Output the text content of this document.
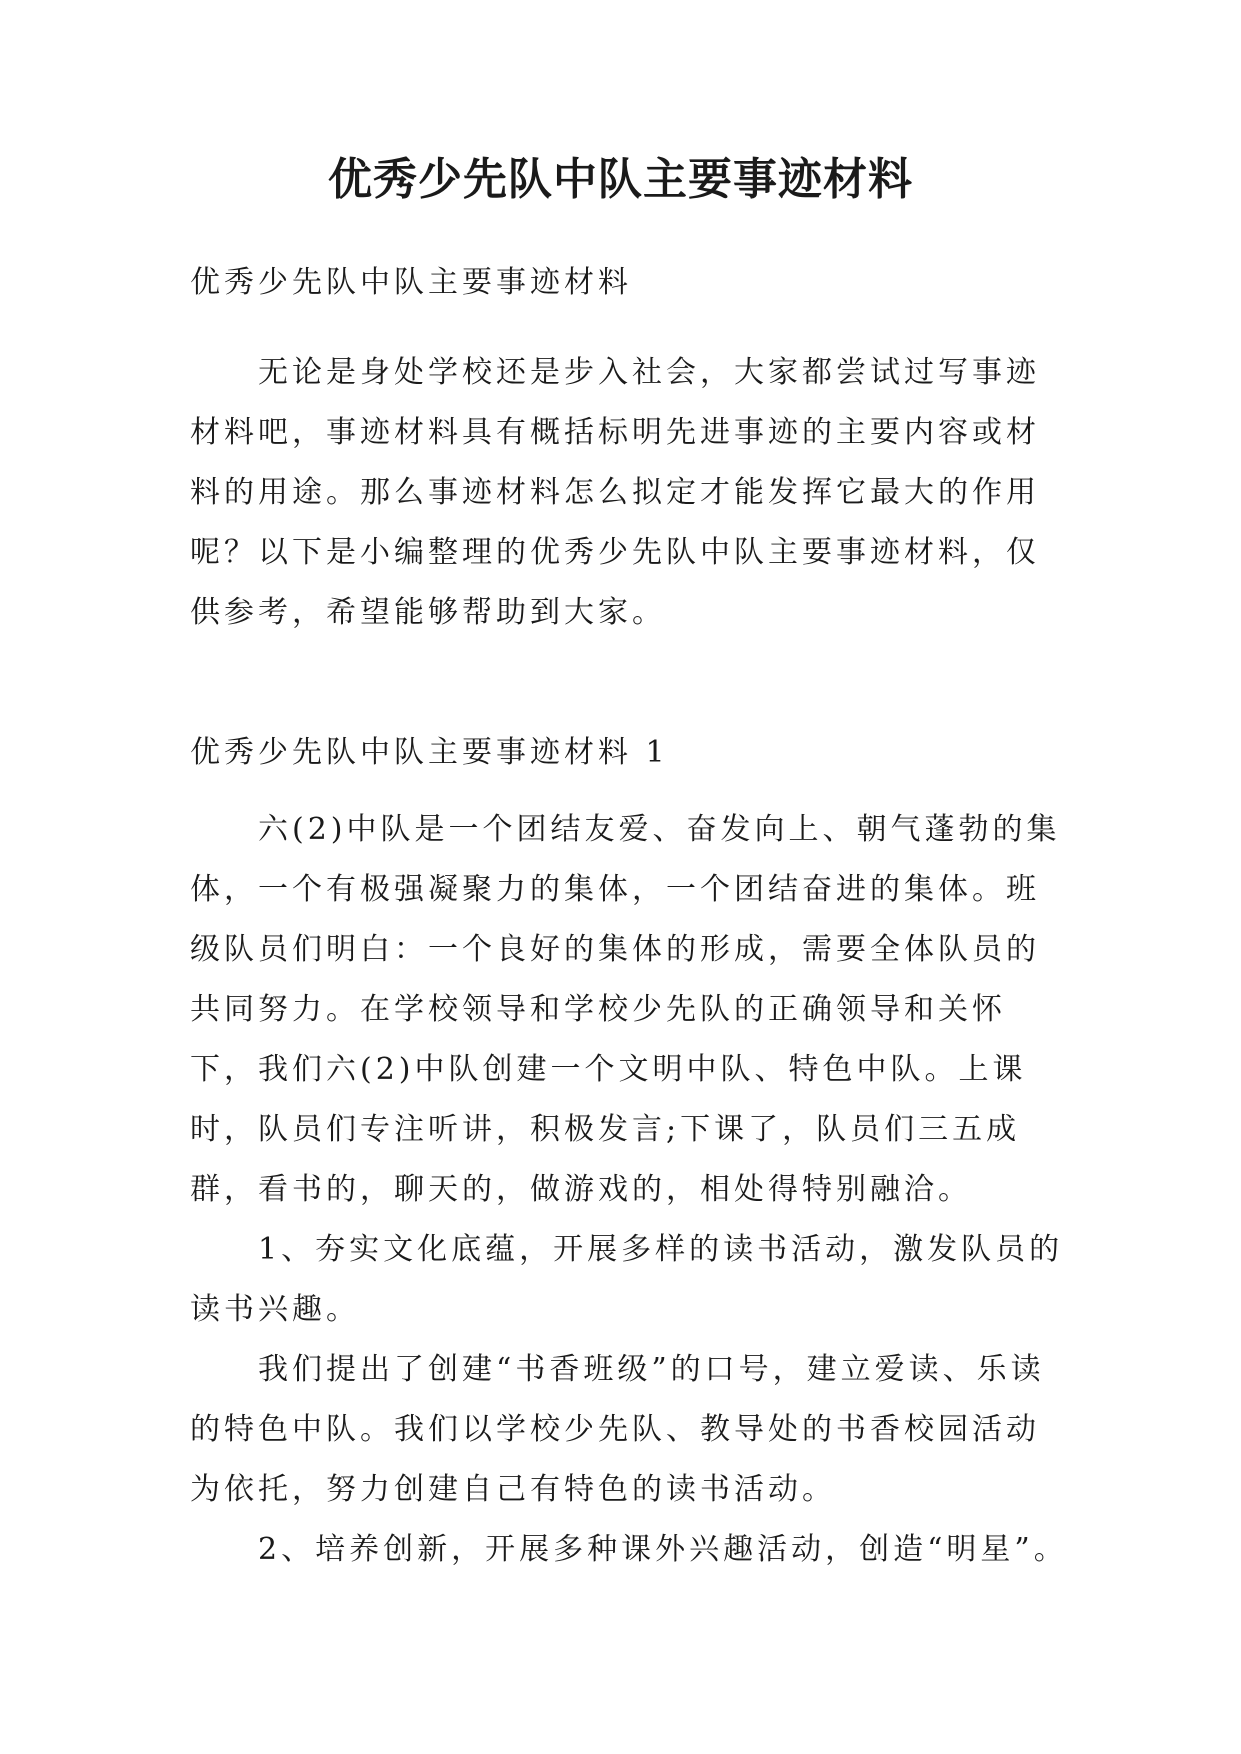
优秀少先队中队主要事迹材料
优秀少先队中队主要事迹材料
无论是身处学校还是步入社会，大家都尝试过写事迹材料吧，事迹材料具有概括标明先进事迹的主要内容或材料的用途。那么事迹材料怎么拟定才能发挥它最大的作用呢？以下是小编整理的优秀少先队中队主要事迹材料，仅供参考，希望能够帮助到大家。
优秀少先队中队主要事迹材料 1

六(2)中队是一个团结友爱、奋发向上、朝气蓬勃的集体，一个有极强凝聚力的集体，一个团结奋进的集体。班级队员们明白：一个良好的集体的形成，需要全体队员的共同努力。在学校领导和学校少先队的正确领导和关怀下，我们六(2)中队创建一个文明中队、特色中队。上课时，队员们专注听讲，积极发言;下课了，队员们三五成群，看书的，聊天的，做游戏的，相处得特别融洽。

1、夯实文化底蕴，开展多样的读书活动，激发队员的读书兴趣。

我们提出了创建“书香班级”的口号，建立爱读、乐读的特色中队。我们以学校少先队、教导处的书香校园活动为依托，努力创建自己有特色的读书活动。

2、培养创新，开展多种课外兴趣活动，创造“明星”。
